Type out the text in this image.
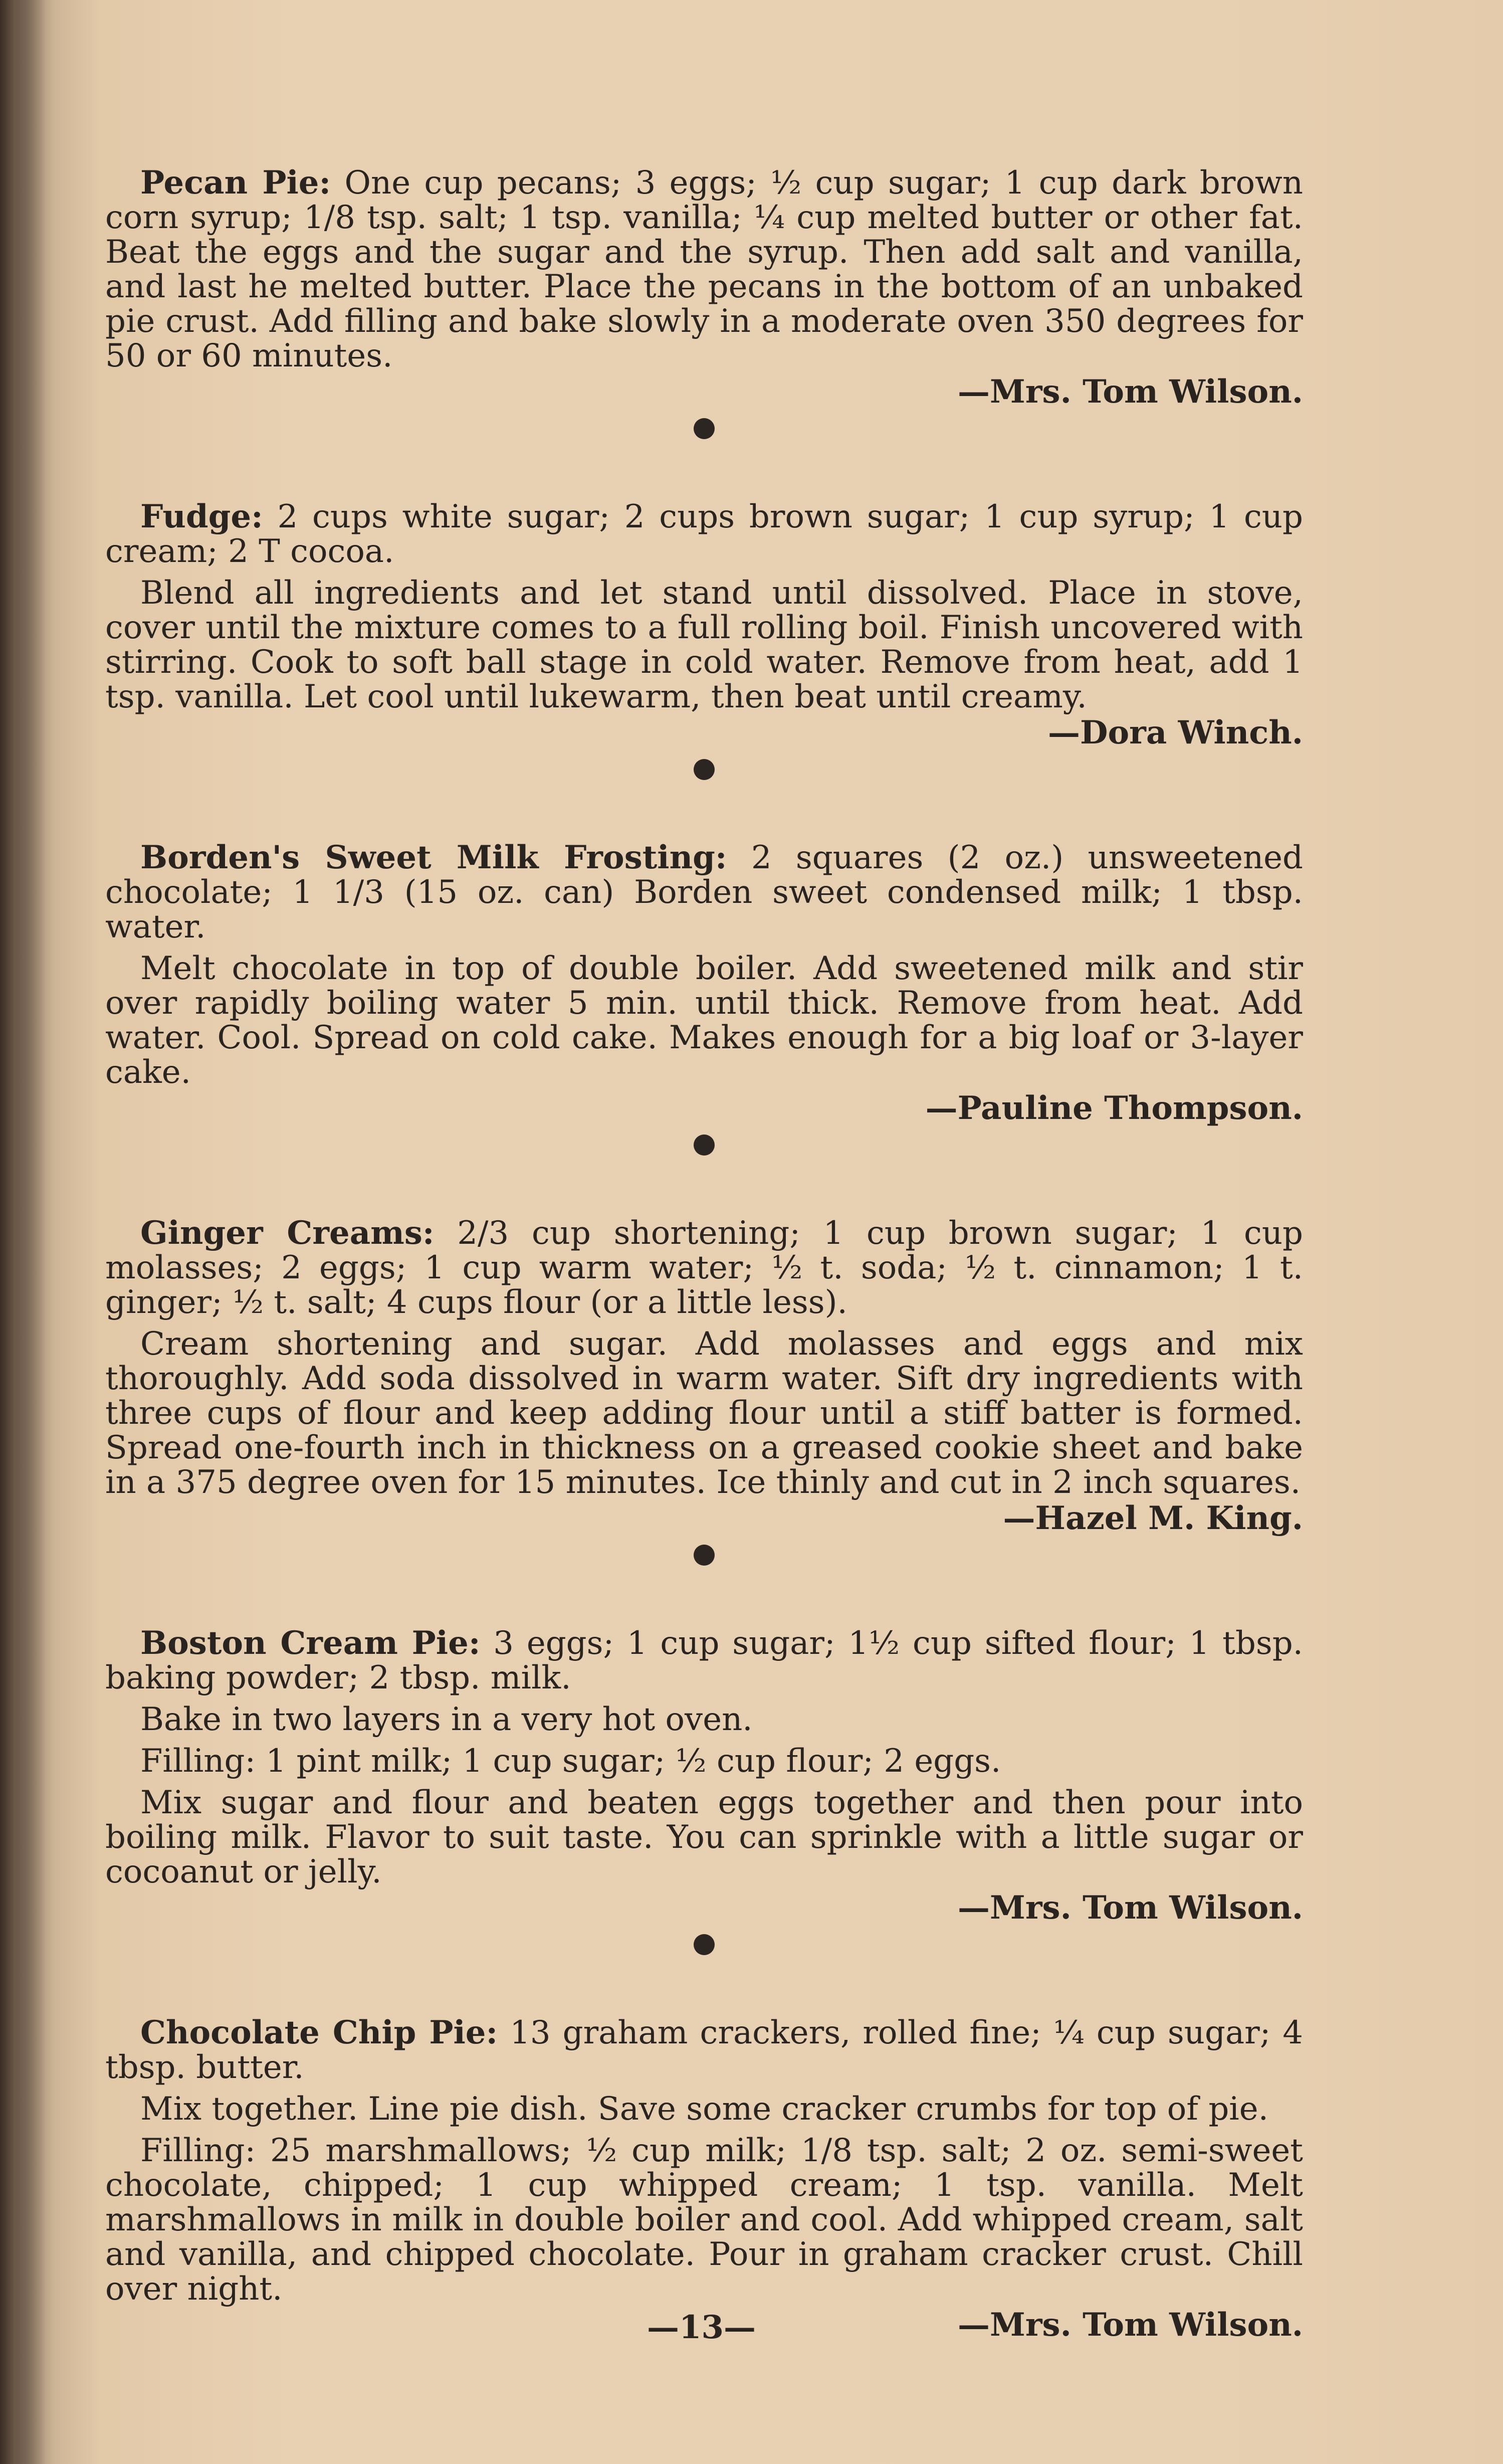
Pecan Pie: One cup pecans; 3 eggs; ½ cup sugar; 1 cup dark brown corn syrup; 1/8 tsp. salt; 1 tsp. vanilla; ¼ cup melted butter or other fat. Beat the eggs and the sugar and the syrup. Then add salt and vanilla, and last he melted butter. Place the pecans in the bottom of an unbaked pie crust. Add filling and bake slowly in a moderate oven 350 degrees for 50 or 60 minutes.

—Mrs. Tom Wilson.

Fudge: 2 cups white sugar; 2 cups brown sugar; 1 cup syrup; 1 cup cream; 2 T cocoa.

Blend all ingredients and let stand until dissolved. Place in stove, cover until the mixture comes to a full rolling boil. Finish uncovered with stirring. Cook to soft ball stage in cold water. Remove from heat, add 1 tsp. vanilla. Let cool until lukewarm, then beat until creamy.

—Dora Winch.

Borden's Sweet Milk Frosting: 2 squares (2 oz.) unsweetened chocolate; 1 1/3 (15 oz. can) Borden sweet condensed milk; 1 tbsp. water.

Melt chocolate in top of double boiler. Add sweetened milk and stir over rapidly boiling water 5 min. until thick. Remove from heat. Add water. Cool. Spread on cold cake. Makes enough for a big loaf or 3-layer cake.

—Pauline Thompson.

Ginger Creams: 2/3 cup shortening; 1 cup brown sugar; 1 cup molasses; 2 eggs; 1 cup warm water; ½ t. soda; ½ t. cinnamon; 1 t. ginger; ½ t. salt; 4 cups flour (or a little less).

Cream shortening and sugar. Add molasses and eggs and mix thoroughly. Add soda dissolved in warm water. Sift dry ingredients with three cups of flour and keep adding flour until a stiff batter is formed. Spread one-fourth inch in thickness on a greased cookie sheet and bake in a 375 degree oven for 15 minutes. Ice thinly and cut in 2 inch squares.

—Hazel M. King.

Boston Cream Pie: 3 eggs; 1 cup sugar; 1½ cup sifted flour; 1 tbsp. baking powder; 2 tbsp. milk.

Bake in two layers in a very hot oven.

Filling: 1 pint milk; 1 cup sugar; ½ cup flour; 2 eggs.

Mix sugar and flour and beaten eggs together and then pour into boiling milk. Flavor to suit taste. You can sprinkle with a little sugar or cocoanut or jelly.

—Mrs. Tom Wilson.

Chocolate Chip Pie: 13 graham crackers, rolled fine; ¼ cup sugar; 4 tbsp. butter.

Mix together. Line pie dish. Save some cracker crumbs for top of pie.

Filling: 25 marshmallows; ½ cup milk; 1/8 tsp. salt; 2 oz. semi-sweet chocolate, chipped; 1 cup whipped cream; 1 tsp. vanilla. Melt marshmallows in milk in double boiler and cool. Add whipped cream, salt and vanilla, and chipped chocolate. Pour in graham cracker crust. Chill over night.

—Mrs. Tom Wilson.
—13—
